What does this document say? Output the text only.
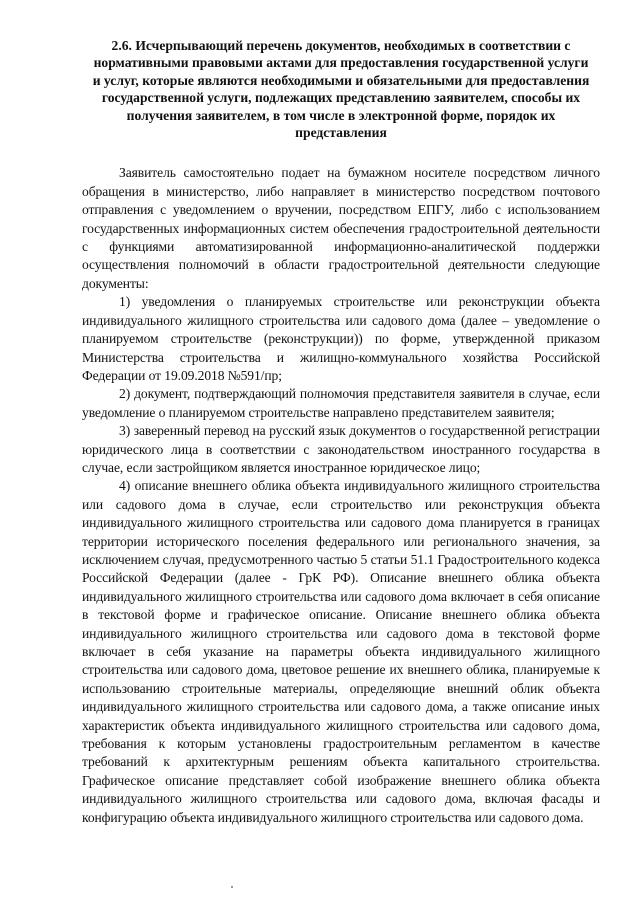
2.6. Исчерпывающий перечень документов, необходимых в соответствии с
нормативными правовыми актами для предоставления государственной услуги
и услуг, которые являются необходимыми и обязательными для предоставления
государственной услуги, подлежащих представлению заявителем, способы их
получения заявителем, в том числе в электронной форме, порядок их
представления

Заявитель самостоятельно подает на бумажном носителе посредством личного обращения в министерство, либо направляет в министерство посредством почтового отправления с уведомлением о вручении, посредством ЕПГУ, либо с использованием государственных информационных систем обеспечения градостроительной деятельности с функциями автоматизированной информационно-аналитической поддержки осуществления полномочий в области градостроительной деятельности следующие документы:

1) уведомления о планируемых строительстве или реконструкции объекта индивидуального жилищного строительства или садового дома (далее – уведомление о планируемом строительстве (реконструкции)) по форме, утвержденной приказом Министерства строительства и жилищно-коммунального хозяйства Российской Федерации от 19.09.2018 №591/пр;

2) документ, подтверждающий полномочия представителя заявителя в случае, если уведомление о планируемом строительстве направлено представителем заявителя;

3) заверенный перевод на русский язык документов о государственной регистрации юридического лица в соответствии с законодательством иностранного государства в случае, если застройщиком является иностранное юридическое лицо;

4) описание внешнего облика объекта индивидуального жилищного строительства или садового дома в случае, если строительство или реконструкция объекта индивидуального жилищного строительства или садового дома планируется в границах территории исторического поселения федерального или регионального значения, за исключением случая, предусмотренного частью 5 статьи 51.1 Градостроительного кодекса Российской Федерации (далее - ГрК РФ). Описание внешнего облика объекта индивидуального жилищного строительства или садового дома включает в себя описание в текстовой форме и графическое описание. Описание внешнего облика объекта индивидуального жилищного строительства или садового дома в текстовой форме включает в себя указание на параметры объекта индивидуального жилищного строительства или садового дома, цветовое решение их внешнего облика, планируемые к использованию строительные материалы, определяющие внешний облик объекта индивидуального жилищного строительства или садового дома, а также описание иных характеристик объекта индивидуального жилищного строительства или садового дома, требования к которым установлены градостроительным регламентом в качестве требований к архитектурным решениям объекта капитального строительства. Графическое описание представляет собой изображение внешнего облика объекта индивидуального жилищного строительства или садового дома, включая фасады и конфигурацию объекта индивидуального жилищного строительства или садового дома.
